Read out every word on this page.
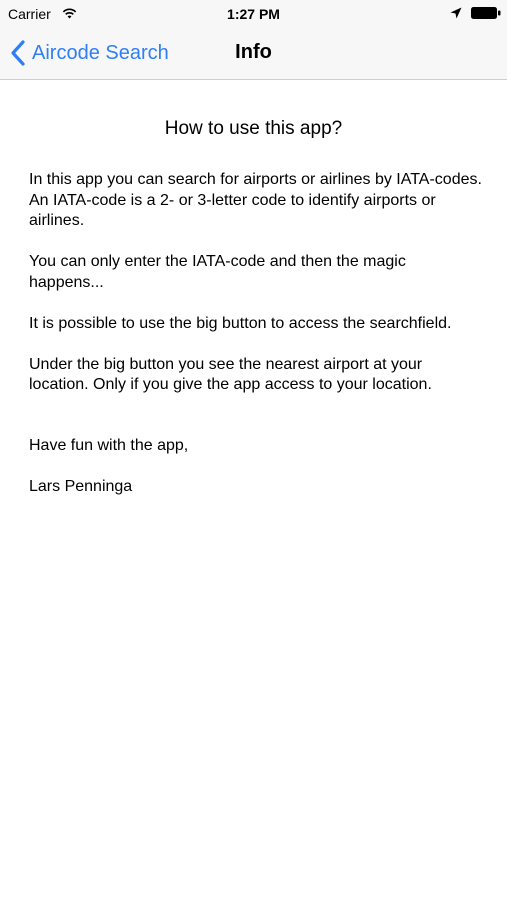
Carrier	1:27 PM
Aircode Search	Info
How to use this app?

In this app you can search for airports or airlines by IATA-codes. An IATA-code is a 2- or 3-letter code to identify airports or airlines.

You can only enter the IATA-code and then the magic happens...

It is possible to use the big button to access the searchfield.

Under the big button you see the nearest airport at your location. Only if you give the app access to your location.

Have fun with the app,

Lars Penninga
